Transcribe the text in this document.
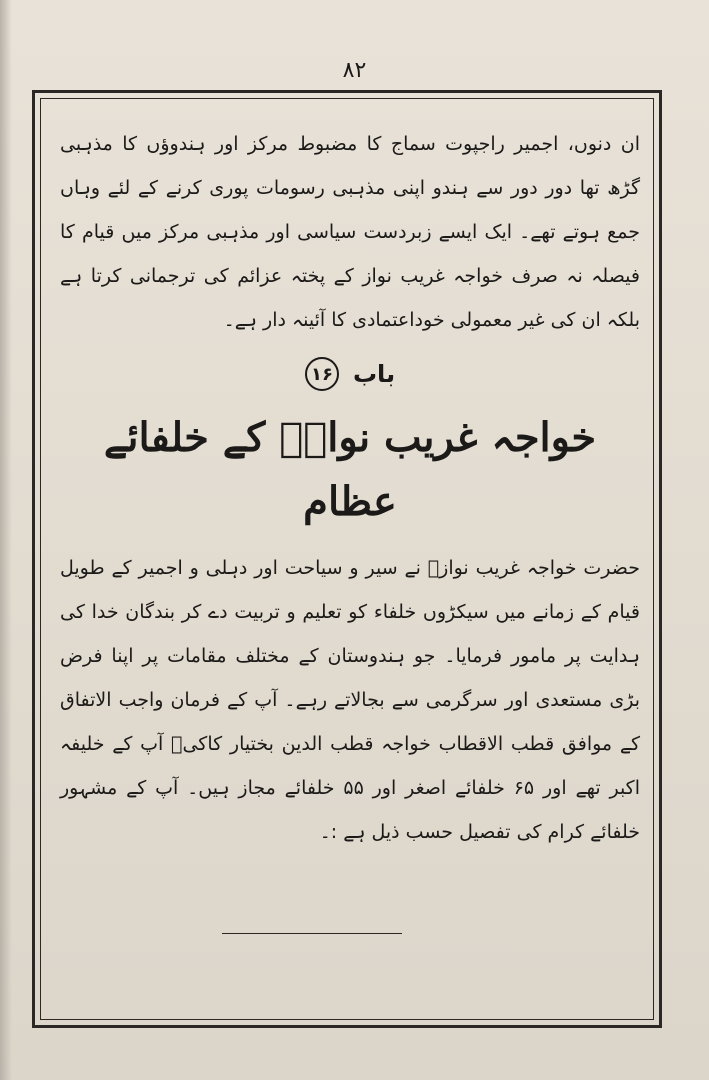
۸۲

ان دنوں، اجمیر راجپوت سماج کا مضبوط مرکز اور ہندوؤں کا مذہبی گڑھ تھا دور دور سے ہندو اپنی مذہبی رسومات پوری کرنے کے لئے وہاں جمع ہوتے تھے۔ ایک ایسے زبردست سیاسی اور مذہبی مرکز میں قیام کا فیصلہ نہ صرف خواجہ غریب نواز کے پختہ عزائم کی ترجمانی کرتا ہے بلکہ ان کی غیر معمولی خوداعتمادی کا آئینہ دار ہے۔

باب
۱۶
خواجہ غریب نوازؒ کے خلفائے عظام

حضرت خواجہ غریب نوازؒ نے سیر و سیاحت اور دہلی و اجمیر کے طویل قیام کے زمانے میں سیکڑوں خلفاء کو تعلیم و تربیت دے کر بندگان خدا کی ہدایت پر مامور فرمایا۔ جو ہندوستان کے مختلف مقامات پر اپنا فرض بڑی مستعدی اور سرگرمی سے بجالاتے رہے۔ آپ کے فرمان واجب الاتفاق کے موافق قطب الاقطاب خواجہ قطب الدین بختیار کاکیؒ آپ کے خلیفہ اکبر تھے اور ۶۵ خلفائے اصغر اور ۵۵ خلفائے مجاز ہیں۔ آپ کے مشہور خلفائے کرام کی تفصیل حسب ذیل ہے :۔
